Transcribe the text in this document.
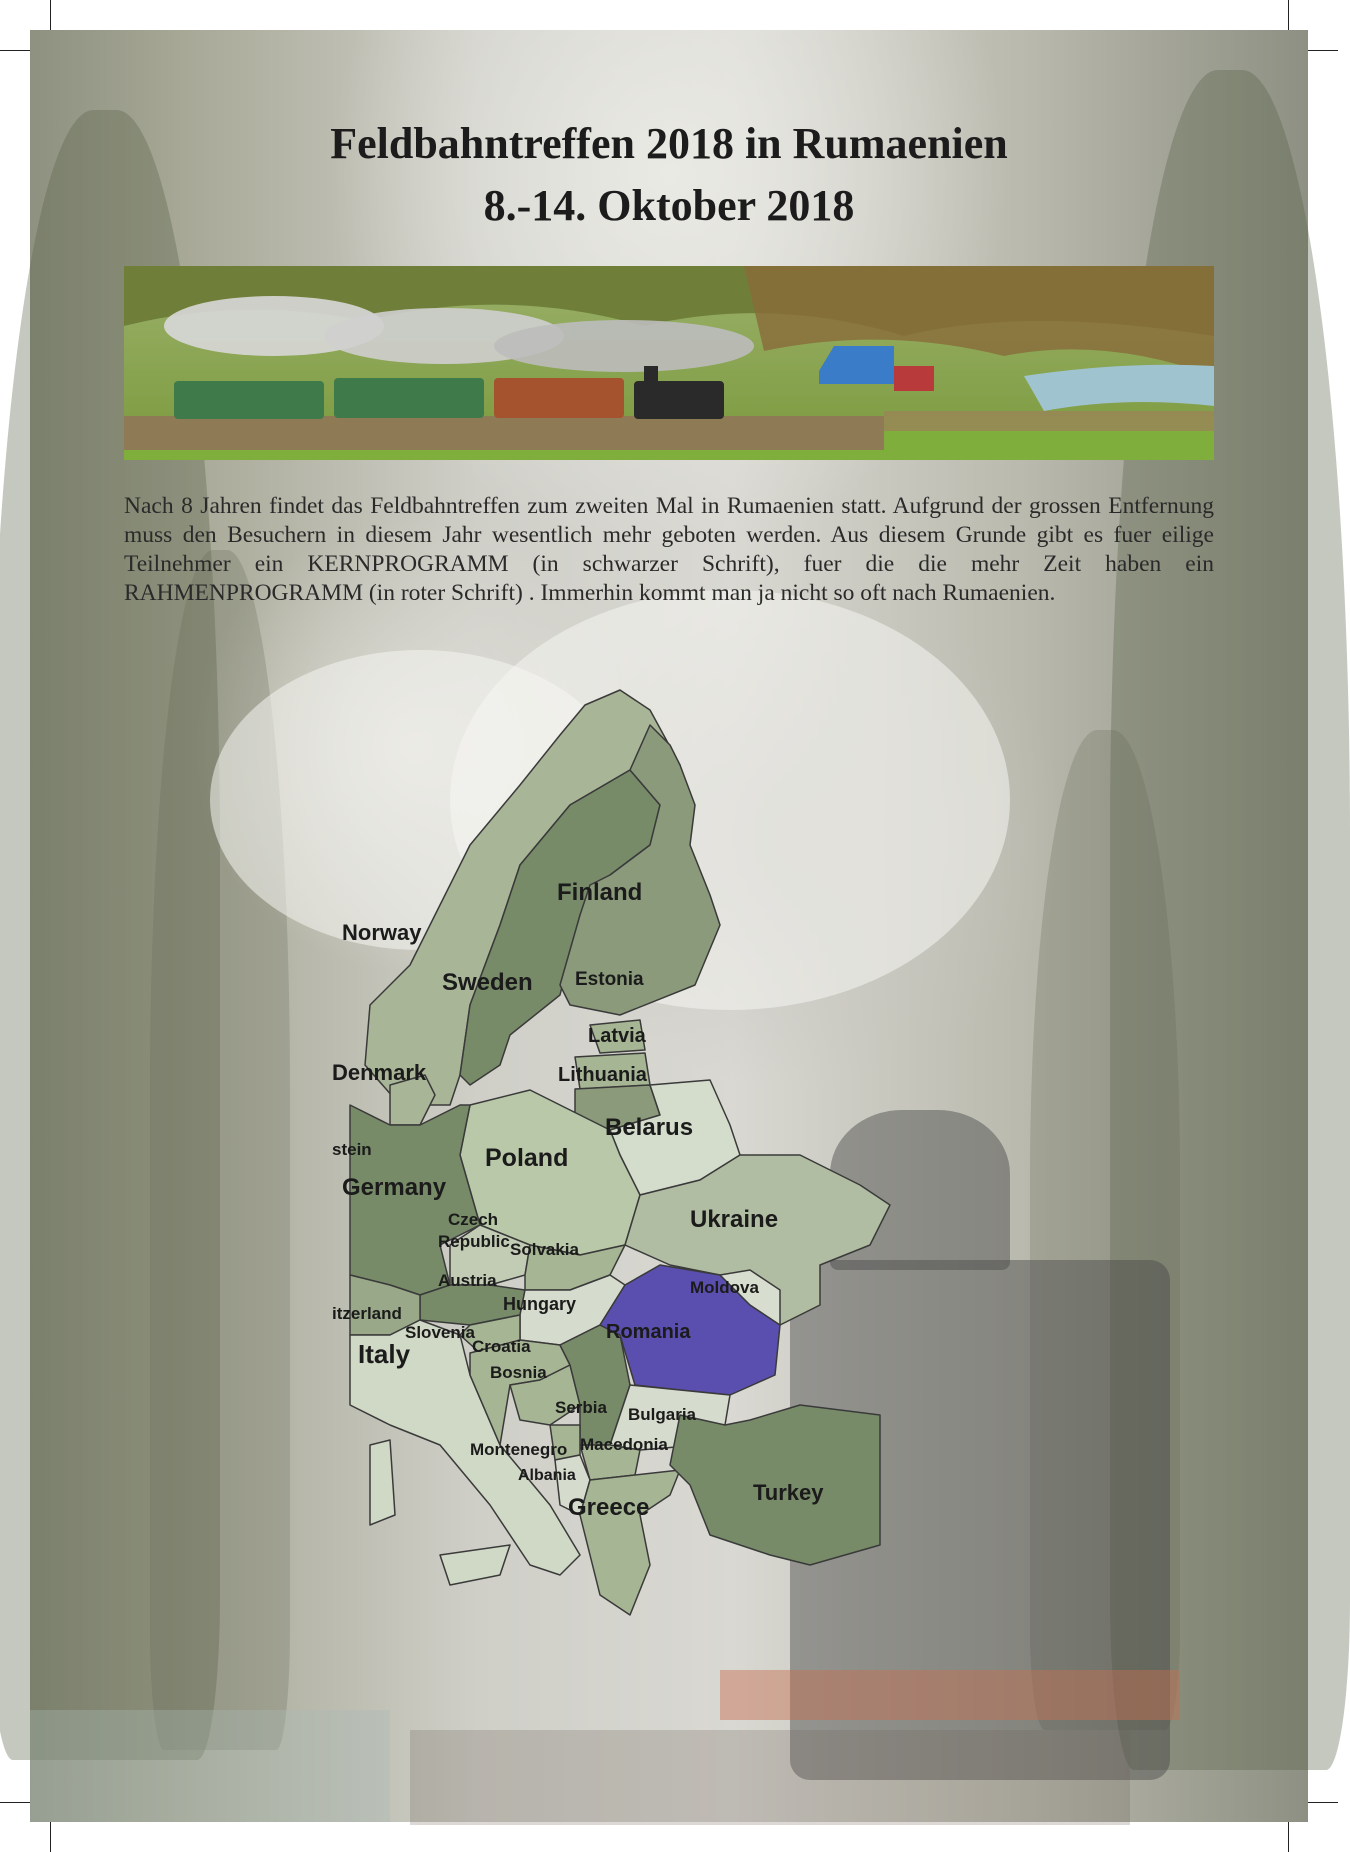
Feldbahntreffen 2018 in Rumaenien
8.-14. Oktober 2018

Nach 8 Jahren findet das Feldbahntreffen zum zweiten Mal in Rumaenien statt. Aufgrund der grossen Entfernung muss den Besuchern in diesem Jahr wesentlich mehr geboten werden. Aus diesem Grunde gibt es fuer eilige Teilnehmer ein KERNPROGRAMM (in schwarzer Schrift), fuer die die mehr Zeit haben ein RAHMENPROGRAMM (in roter Schrift) . Immerhin kommt man ja nicht so oft nach Rumaenien.

Norway
Sweden
Finland
Estonia
Latvia
Lithuania
Denmark
Belarus
Poland
stein
Germany
Ukraine
Czech
Republic Solvakia
Austria
Hungary
Moldova
Romania
itzerland
Slovenia
Croatia
Italy
Bosnia
Serbia Bulgaria
Montenegro Macedonia
Albania
Greece
Turkey
